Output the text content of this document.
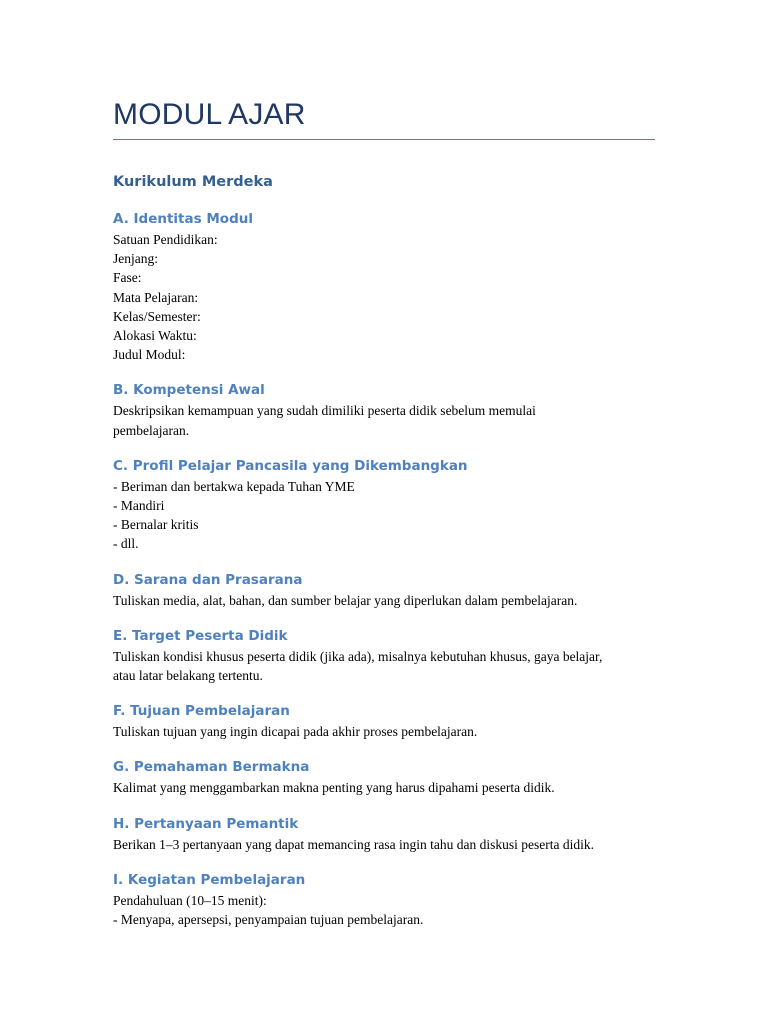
MODUL AJAR
Kurikulum Merdeka
A. Identitas Modul

Satuan Pendidikan:

Jenjang:

Fase:

Mata Pelajaran:

Kelas/Semester:

Alokasi Waktu:

Judul Modul:

B. Kompetensi Awal

Deskripsikan kemampuan yang sudah dimiliki peserta didik sebelum memulai

pembelajaran.

C. Profil Pelajar Pancasila yang Dikembangkan

- Beriman dan bertakwa kepada Tuhan YME

- Mandiri

- Bernalar kritis

- dll.

D. Sarana dan Prasarana

Tuliskan media, alat, bahan, dan sumber belajar yang diperlukan dalam pembelajaran.

E. Target Peserta Didik

Tuliskan kondisi khusus peserta didik (jika ada), misalnya kebutuhan khusus, gaya belajar,

atau latar belakang tertentu.

F. Tujuan Pembelajaran

Tuliskan tujuan yang ingin dicapai pada akhir proses pembelajaran.

G. Pemahaman Bermakna

Kalimat yang menggambarkan makna penting yang harus dipahami peserta didik.

H. Pertanyaan Pemantik

Berikan 1–3 pertanyaan yang dapat memancing rasa ingin tahu dan diskusi peserta didik.

I. Kegiatan Pembelajaran

Pendahuluan (10–15 menit):

- Menyapa, apersepsi, penyampaian tujuan pembelajaran.
